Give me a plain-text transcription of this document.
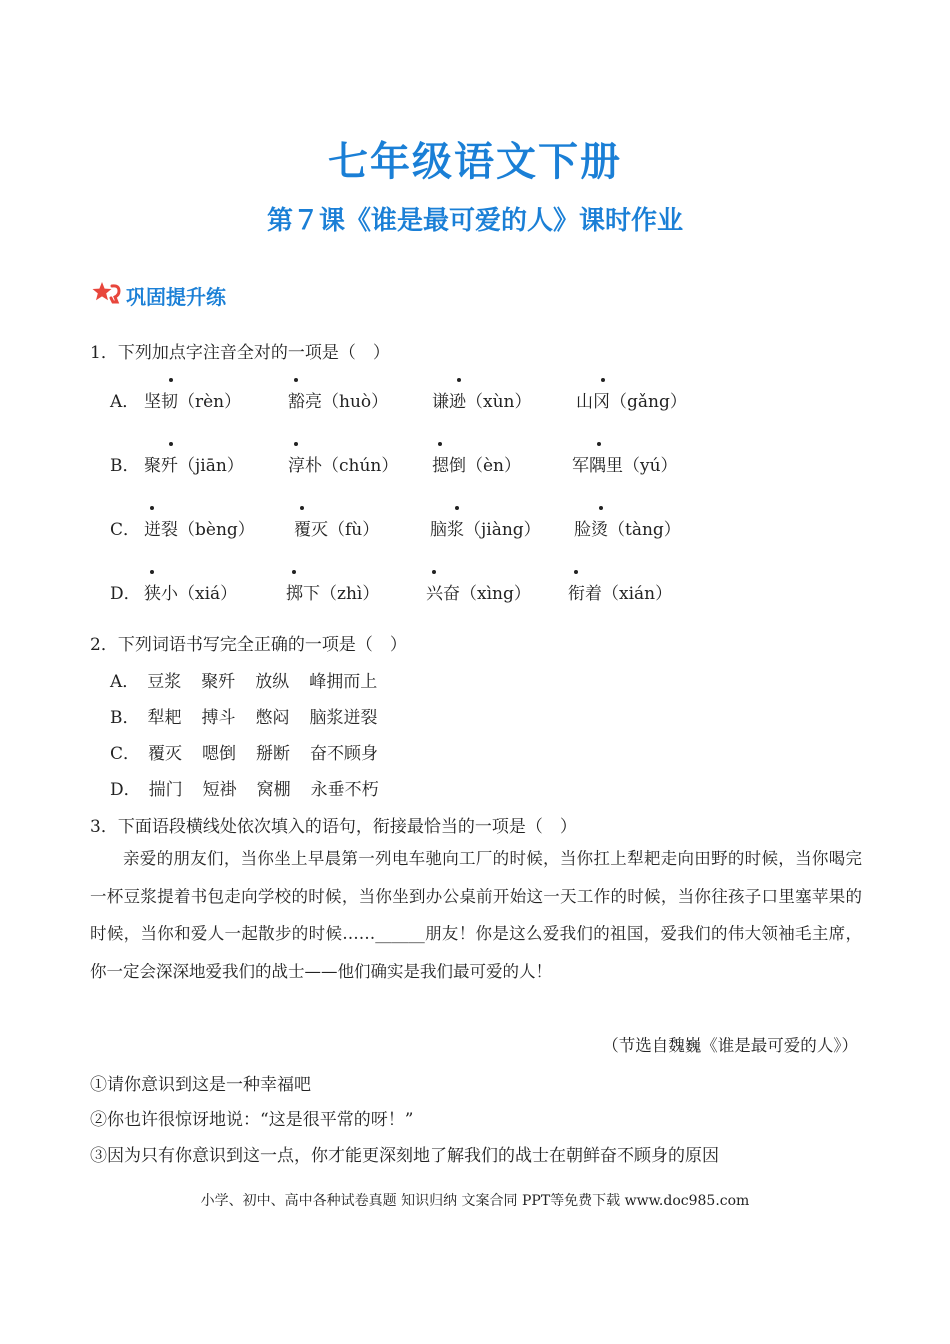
七年级语文下册
第７课《谁是最可爱的人》课时作业
巩固提升练
1．下列加点字注音全对的一项是（　）
A． 坚韧（rèn）	豁亮（huò）	谦逊（xùn）	山冈（gǎng）
B． 聚歼（jiān）	淳朴（chún） 摁倒（èn）	军隅里（yú）
C． 迸裂（bèng） 覆灭（fù）	脑浆（jiàng） 脸烫（tàng）
D． 狭小（xiá）	掷下（zhì）	兴奋（xìng） 衔着（xián）
2．下列词语书写完全正确的一项是（　）
A． 豆浆 聚歼 放纵 峰拥而上
B． 犁耙 搏斗 憋闷 脑浆迸裂
C． 覆灭 嗯倒 掰断 奋不顾身
D． 揣门 短褂 窝棚 永垂不朽
3．下面语段横线处依次填入的语句，衔接最恰当的一项是（　）
亲爱的朋友们，当你坐上早晨第一列电车驰向工厂的时候，当你扛上犁耙走向田野的时候，当你喝完一杯豆浆提着书包走向学校的时候，当你坐到办公桌前开始这一天工作的时候，当你往孩子口里塞苹果的时候，当你和爱人一起散步的时候……______朋友！你是这么爱我们的祖国，爱我们的伟大领袖毛主席，你一定会深深地爱我们的战士——他们确实是我们最可爱的人！
（节选自魏巍《谁是最可爱的人》）
①请你意识到这是一种幸福吧
②你也许很惊讶地说：“这是很平常的呀！”
③因为只有你意识到这一点，你才能更深刻地了解我们的战士在朝鲜奋不顾身的原因
小学、初中、高中各种试卷真题 知识归纳 文案合同 PPT等免费下载 www.doc985.com
